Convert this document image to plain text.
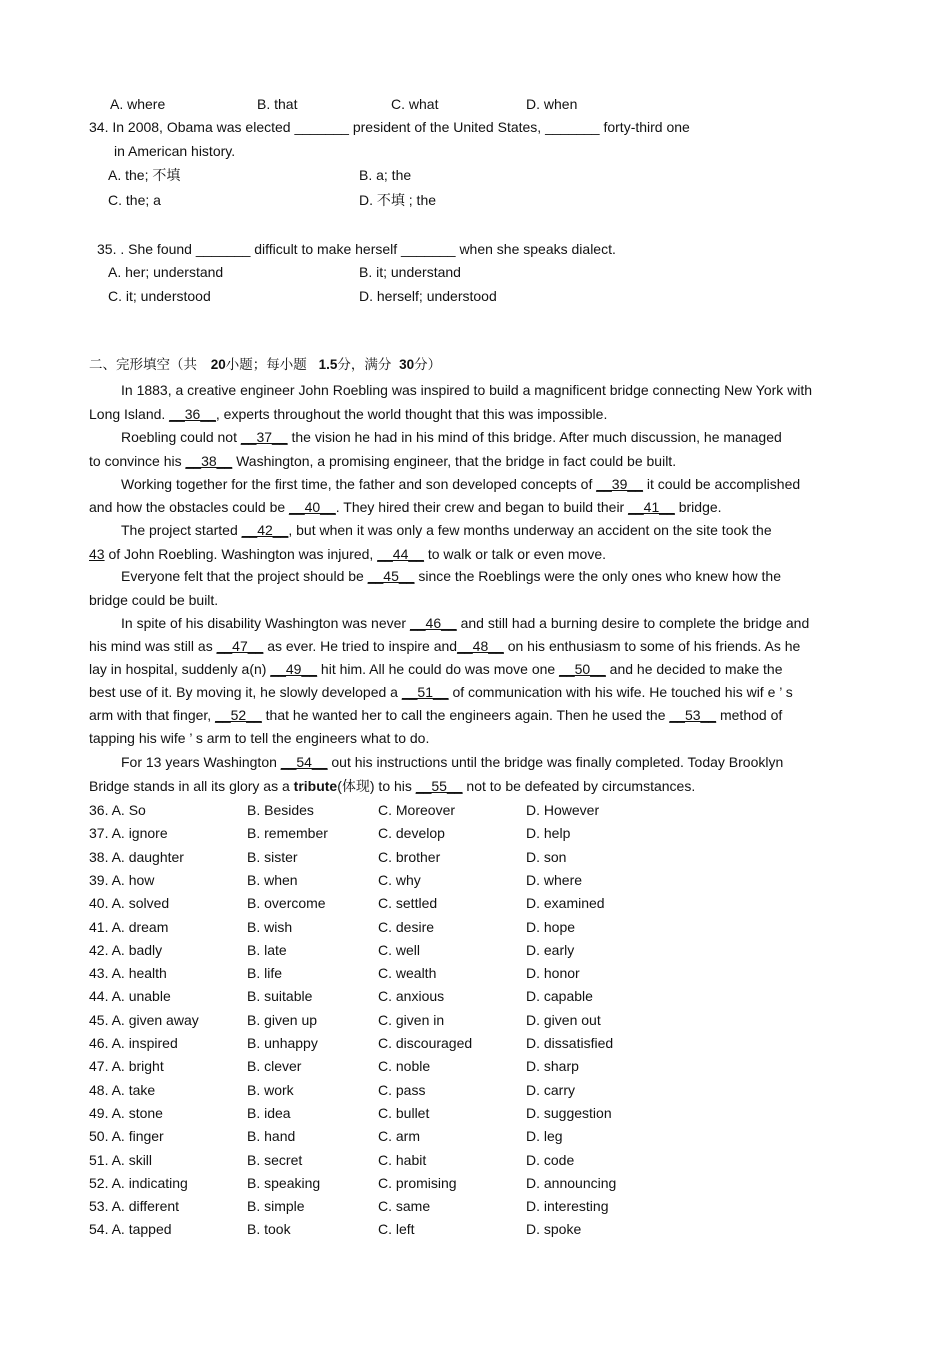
A. where	B. that	C. what	D. when
34. In 2008, Obama was elected _______ president of the United States, _______ forty-third one
in American history.
A. the; 不填	B. a; the
C. the; a	D. 不填 ; the
35. . She found _______ difficult to make herself _______ when she speaks dialect.
A. her; understand	B. it; understand
C. it; understood	D. herself; understood
二、完形填空（共 20小题；每小题 1.5分，满分 30分）
In 1883, a creative engineer John Roebling was inspired to build a magnificent bridge connecting New York with
Long Island. __36__, experts throughout the world thought that this was impossible.
Roebling could not __37__ the vision he had in his mind of this bridge. After much discussion, he managed
to convince his __38__ Washington, a promising engineer, that the bridge in fact could be built.
Working together for the first time, the father and son developed concepts of __39__ it could be accomplished
and how the obstacles could be __40__. They hired their crew and began to build their __41__ bridge.
The project started __42__, but when it was only a few months underway an accident on the site took the
43 of John Roebling. Washington was injured, __44__ to walk or talk or even move.
Everyone felt that the project should be __45__ since the Roeblings were the only ones who knew how the
bridge could be built.
In spite of his disability Washington was never __46__ and still had a burning desire to complete the bridge and
his mind was still as __47__ as ever. He tried to inspire and__48__ on his enthusiasm to some of his friends. As he
lay in hospital, suddenly a(n) __49__ hit him. All he could do was move one __50__ and he decided to make the
best use of it. By moving it, he slowly developed a __51__ of communication with his wife. He touched his wif e ’ s
arm with that finger, __52__ that he wanted her to call the engineers again. Then he used the __53__ method of
tapping his wife ’ s arm to tell the engineers what to do.
For 13 years Washington __54__ out his instructions until the bridge was finally completed. Today Brooklyn
Bridge stands in all its glory as a tribute(体现) to his __55__ not to be defeated by circumstances.
36. A. So	B. Besides	C. Moreover	D. However
37. A. ignore	B. remember	C. develop	D. help
38. A. daughter	B. sister	C. brother	D. son
39. A. how	B. when	C. why	D. where
40. A. solved	B. overcome	C. settled	D. examined
41. A. dream	B. wish	C. desire	D. hope
42. A. badly	B. late	C. well	D. early
43. A. health	B. life	C. wealth	D. honor
44. A. unable	B. suitable	C. anxious	D. capable
45. A. given away	B. given up	C. given in	D. given out
46. A. inspired	B. unhappy	C. discouraged	D. dissatisfied
47. A. bright	B. clever	C. noble	D. sharp
48. A. take	B. work	C. pass	D. carry
49. A. stone	B. idea	C. bullet	D. suggestion
50. A. finger	B. hand	C. arm	D. leg
51. A. skill	B. secret	C. habit	D. code
52. A. indicating	B. speaking	C. promising	D. announcing
53. A. different	B. simple	C. same	D. interesting
54. A. tapped	B. took	C. left	D. spoke
